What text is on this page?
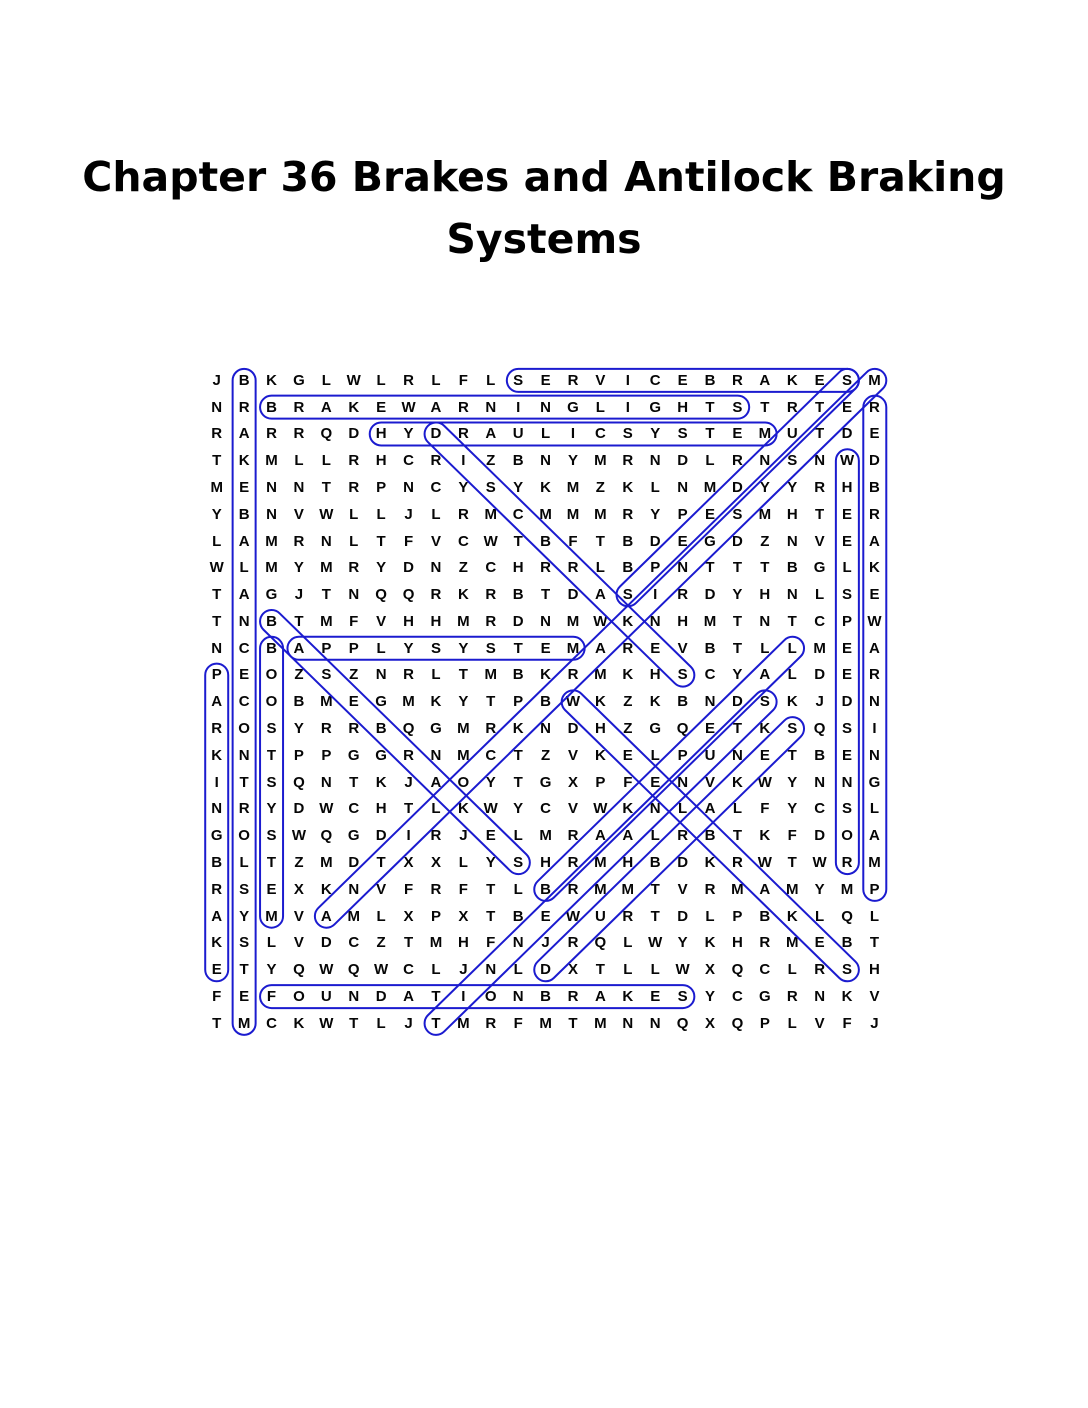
Chapter 36 Brakes and Antilock Braking
Systems
J	B	K	G	L	W	L	R	L	F	L	S	E	R	V	I	C	E	B	R	A	K	E	S	M
N	R	B	R	A	K	E	W A	R	N	I	N	G	L	I	G	H	T	S	T	R	T	E	R
R	A	R	R	Q	D	H	Y	D	R	A	U	L	I	C	S	Y	S	T	E	M	U	T	D	E
T	K	M	L	L	R	H	C	R	I	Z	B	N	Y	M	R	N	D	L	R	N	S	N W D
M	E	N	N	T	R	P	N	C	Y	S	Y	K	M	Z	K	L	N	M	D	Y	Y	R	H	B
Y	B	N	V	W	L	L	J	L	R	M	C	M M M	R	Y	P	E	S	M	H	T	E	R
L	A	M	R	N	L	T	F	V	C W	T	B	F	T	B	D	E	G	D	Z	N	V	E	A
W	L	M	Y	M	R	Y	D	N	Z	C	H	R	R	L	B	P	N	T	T	T	B	G	L	K
T	A	G	J	T	N	Q	Q	R	K	R	B	T	D	A	S	I	R	D	Y	H	N	L	S	E
T	N	B	T	M	F	V	H	H	M	R	D	N	M W K	N	H	M	T	N	T	C	P	W
N	C	B	A	P	P	L	Y	S	Y	S	T	E	M	A	R	E	V	B	T	L	L	M	E	A
P	E	O	Z	S	Z	N	R	L	T	M	B	K	R	M	K	H	S	C	Y	A	L	D	E	R
A	C	O	B	M	E	G	M	K	Y	T	P	B W K	Z	K	B	N	D	S	K	J	D	N
R	O	S	Y	R	R	B	Q	G	M	R	K	N	D	H	Z	G	Q	E	T	K	S	Q	S	I
K	N	T	P	P	G	G	R	N	M	C	T	Z	V	K	E	L	P	U	N	E	T	B	E	N
I	T	S	Q	N	T	K	J	A	O	Y	T	G	X	P	F	E	N	V	K W	Y	N	N	G
N	R	Y	D W C	H	T	L	K W	Y	C	V	W K	N	L	A	L	F	Y	C	S	L
G	O	S	W Q	G	D	I	R	J	E	L	M	R	A	A	L	R	B	T	K	F	D	O	A
B	L	T	Z	M	D	T	X	X	L	Y	S	H	R	M	H	B	D	K	R W	T	W R	M
R	S	E	X	K	N	V	F	R	F	T	L	B	R	M M	T	V	R	M	A	M	Y	M	P
A	Y	M	V	A	M	L	X	P	X	T	B	E	W U	R	T	D	L	P	B	K	L	Q	L
K	S	L	V	D	C	Z	T	M	H	F	N	J	R	Q	L	W	Y	K	H	R	M	E	B	T
E	T	Y	Q W Q W C	L	J	N	L	D	X	T	L	L	W	X	Q	C	L	R	S	H
F	E	F	O	U	N	D	A	T	I	O	N	B	R	A	K	E	S	Y	C	G	R	N	K	V
T	M	C	K W	T	L	J	T	M	R	F	M	T	M	N	N	Q	X	Q	P	L	V	F	J
